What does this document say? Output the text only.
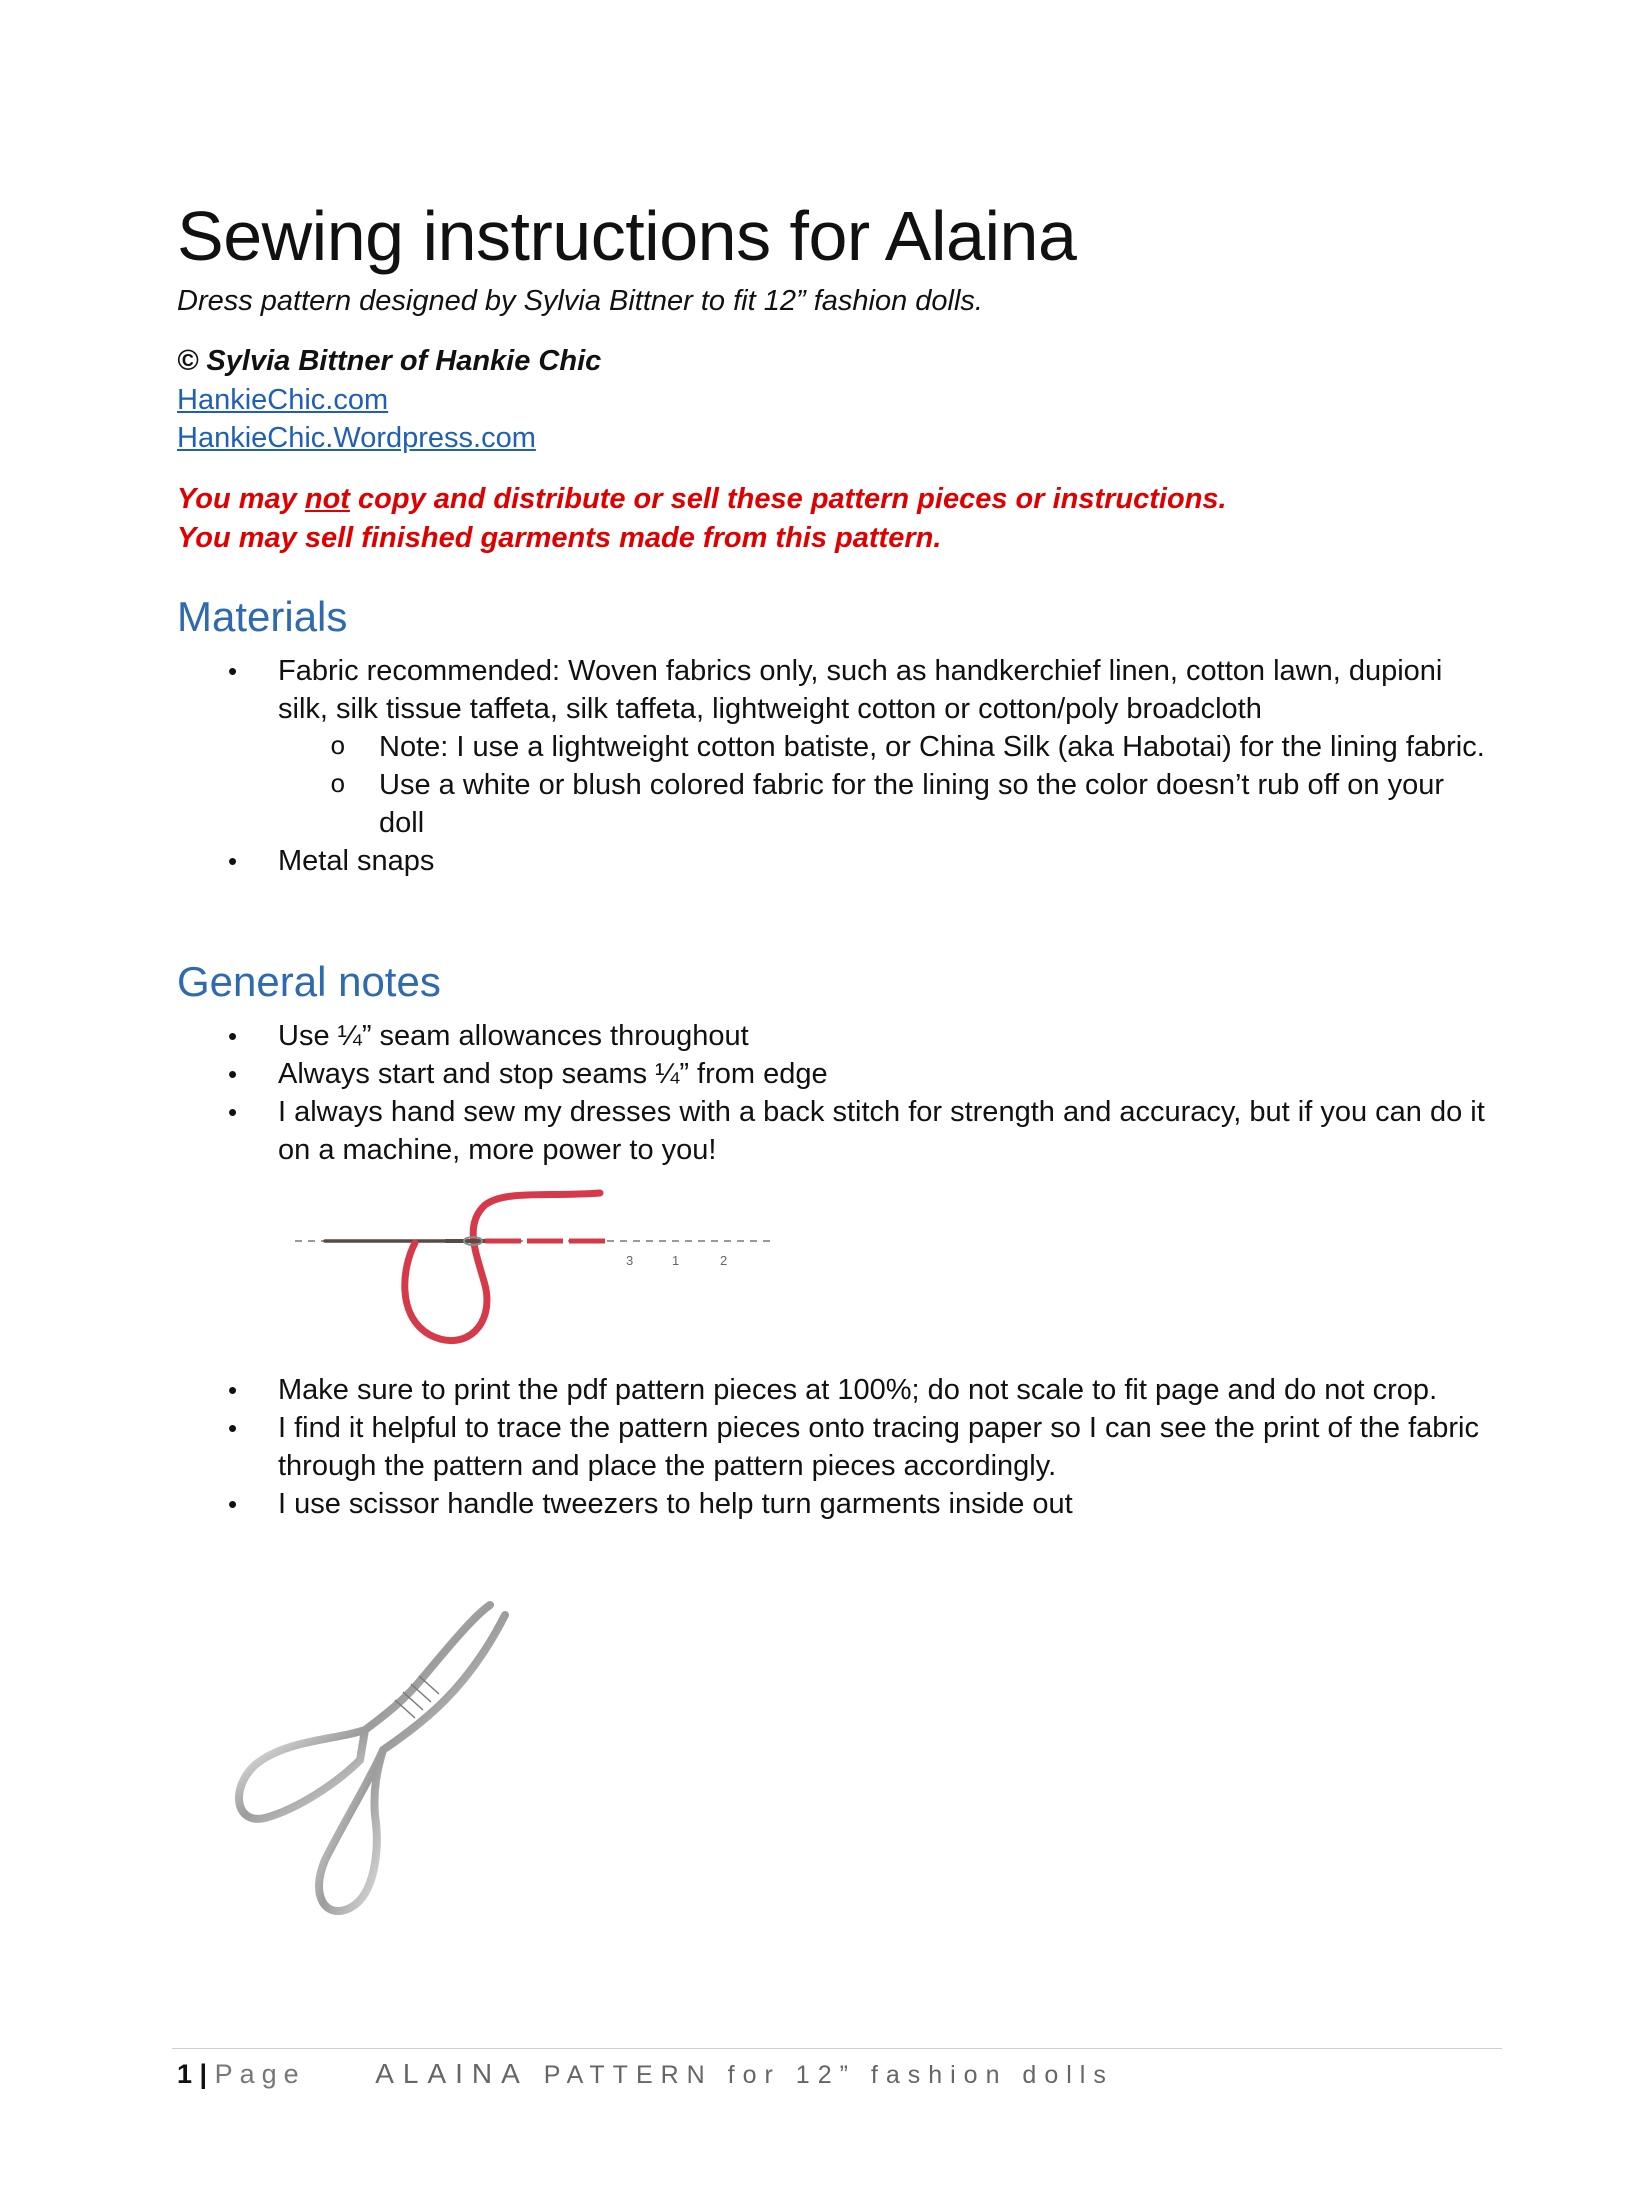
Sewing instructions for Alaina
Dress pattern designed by Sylvia Bittner to fit 12” fashion dolls.
© Sylvia Bittner of Hankie Chic
HankieChic.com
HankieChic.Wordpress.com
You may not copy and distribute or sell these pattern pieces or instructions.
You may sell finished garments made from this pattern.
Materials
• Fabric recommended: Woven fabrics only, such as handkerchief linen, cotton lawn, dupioni silk, silk tissue taffeta, silk taffeta, lightweight cotton or cotton/poly broadcloth
o Note: I use a lightweight cotton batiste, or China Silk (aka Habotai) for the lining fabric.
o Use a white or blush colored fabric for the lining so the color doesn’t rub off on your doll
• Metal snaps
General notes
• Use ¼” seam allowances throughout
• Always start and stop seams ¼” from edge
• I always hand sew my dresses with a back stitch for strength and accuracy, but if you can do it on a machine, more power to you!
3	1	2
• Make sure to print the pdf pattern pieces at 100%; do not scale to fit page and do not crop.
• I find it helpful to trace the pattern pieces onto tracing paper so I can see the print of the fabric through the pattern and place the pattern pieces accordingly.
• I use scissor handle tweezers to help turn garments inside out
1 | Page ALAINA PATTERN for 12” fashion dolls
